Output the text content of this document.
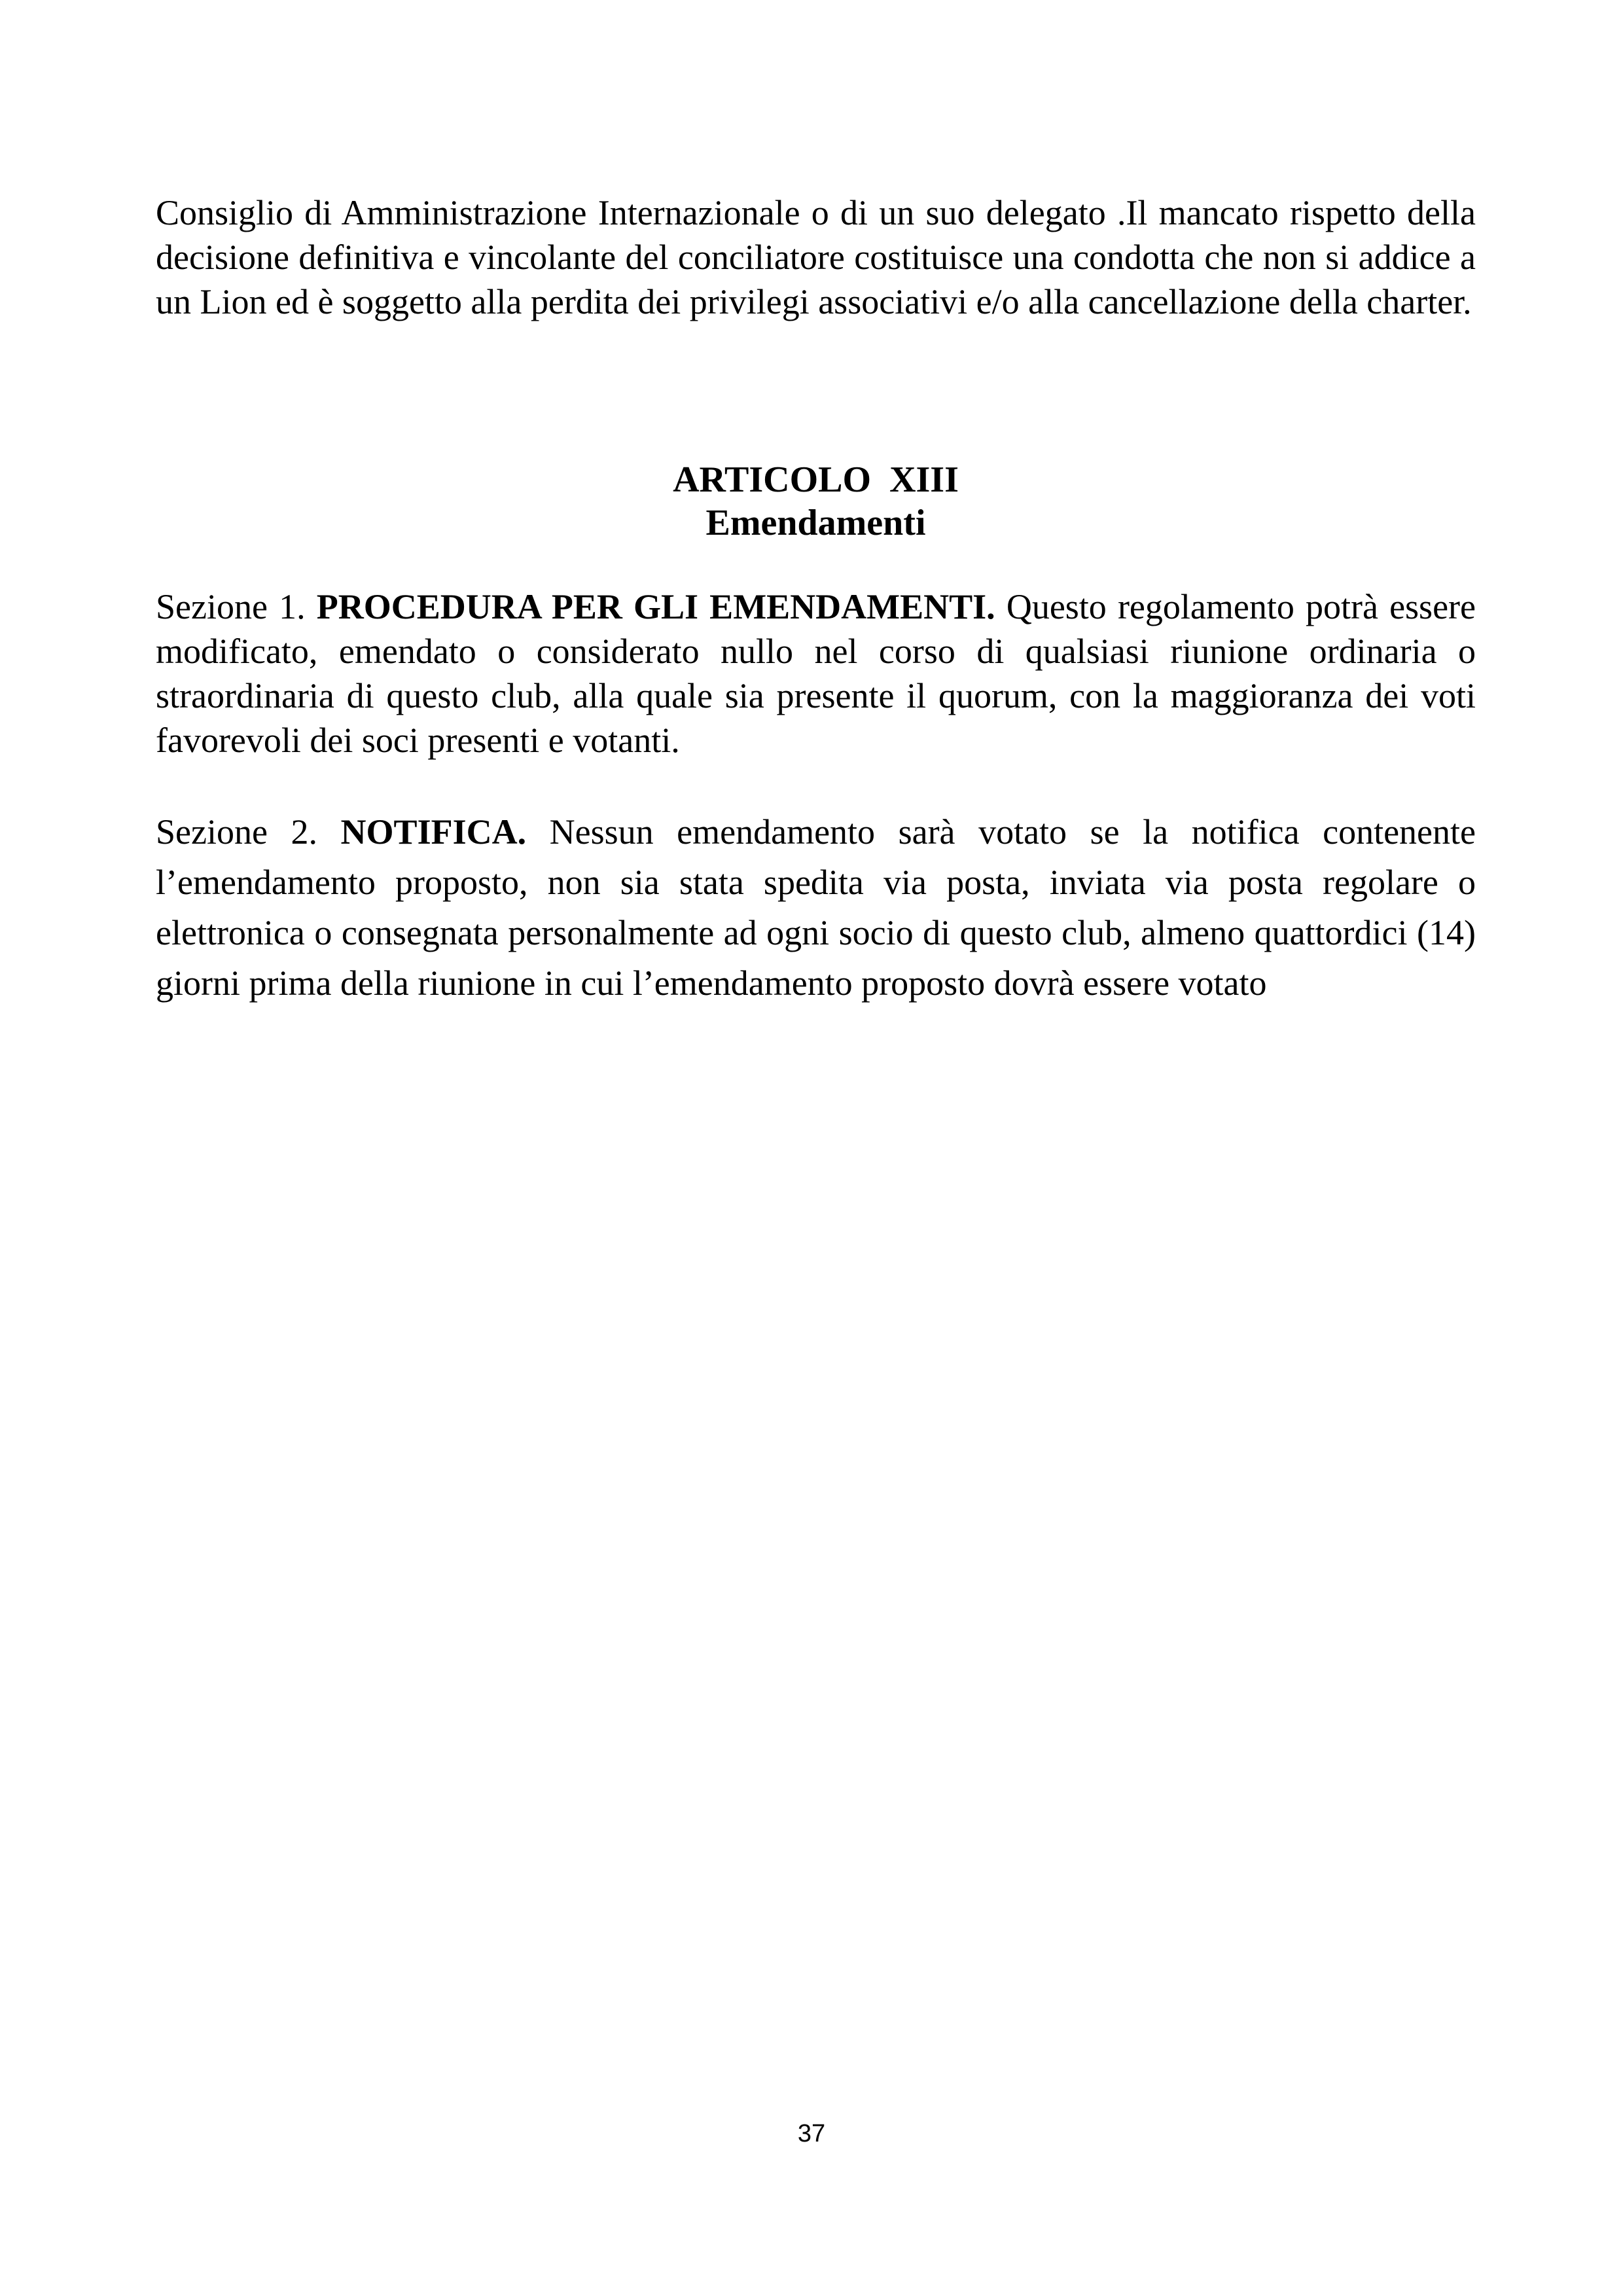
Consiglio di Amministrazione Internazionale o di un suo delegato .Il mancato rispetto della decisione definitiva e vincolante del conciliatore costituisce una condotta che non si addice a un Lion ed è soggetto alla perdita dei privilegi associativi e/o alla cancellazione della charter.

ARTICOLO  XIII
Emendamenti

Sezione 1. PROCEDURA PER GLI EMENDAMENTI. Questo regolamento potrà essere modificato, emendato o considerato nullo nel corso di qualsiasi riunione ordinaria o straordinaria di questo club, alla quale sia presente il quorum, con la maggioranza dei voti favorevoli dei soci presenti e votanti.

Sezione 2. NOTIFICA. Nessun emendamento sarà votato se la notifica contenente l’emendamento proposto, non sia stata spedita via posta, inviata via posta regolare o elettronica o consegnata personalmente ad ogni socio di questo club, almeno quattordici (14) giorni prima della riunione in cui l’emendamento proposto dovrà essere votato

37
